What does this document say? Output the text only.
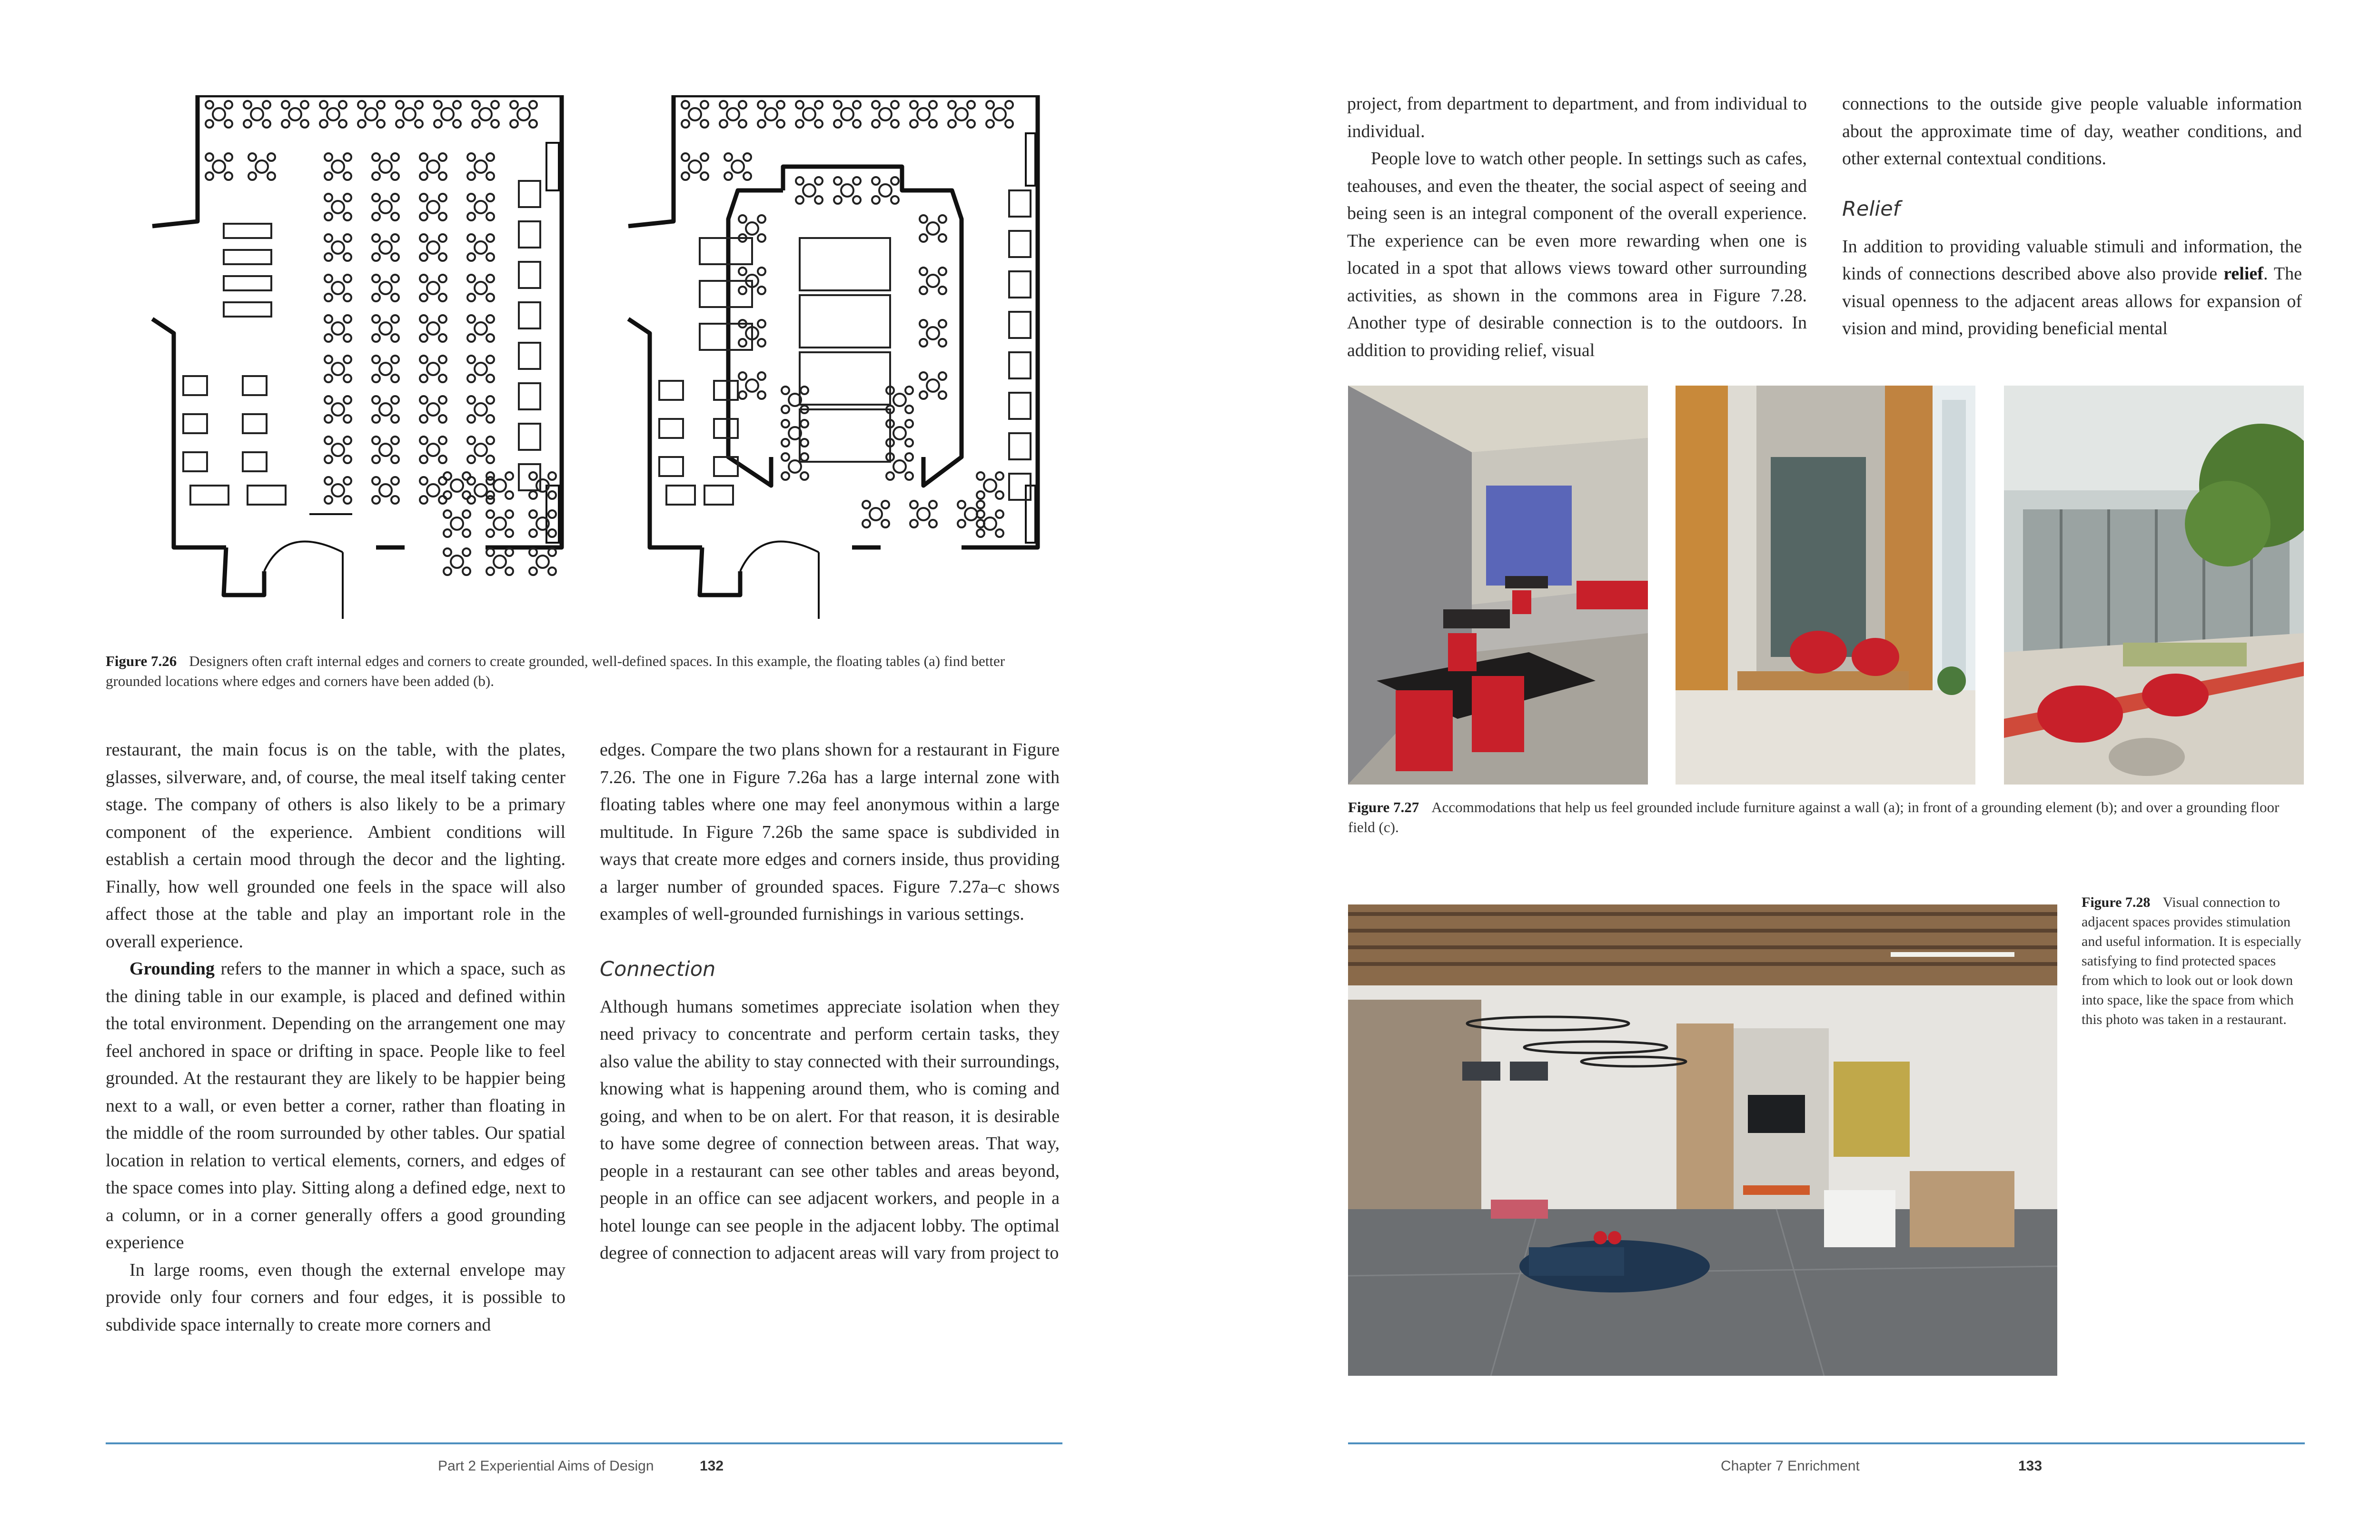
Figure 7.26 Designers often craft internal edges and corners to create grounded, well-defined spaces. In this example, the floating tables (a) find better grounded locations where edges and corners have been added (b).

restaurant, the main focus is on the table, with the plates, glasses, silverware, and, of course, the meal itself taking center stage. The company of others is also likely to be a primary component of the experience. Ambient conditions will establish a certain mood through the decor and the lighting. Finally, how well grounded one feels in the space will also affect those at the table and play an important role in the overall experience.

Grounding refers to the manner in which a space, such as the dining table in our example, is placed and defined within the total environment. Depending on the arrangement one may feel anchored in space or drifting in space. People like to feel grounded. At the restaurant they are likely to be happier being next to a wall, or even better a corner, rather than floating in the middle of the room surrounded by other tables. Our spatial location in relation to vertical elements, corners, and edges of the space comes into play. Sitting along a defined edge, next to a column, or in a corner generally offers a good grounding experience

In large rooms, even though the external envelope may provide only four corners and four edges, it is possible to subdivide space internally to create more corners and

edges. Compare the two plans shown for a restaurant in Figure 7.26. The one in Figure 7.26a has a large internal zone with floating tables where one may feel anonymous within a large multitude. In Figure 7.26b the same space is subdivided in ways that create more edges and corners inside, thus providing a larger number of grounded spaces. Figure 7.27a–c shows examples of well-grounded furnishings in various settings.

Connection

Although humans sometimes appreciate isolation when they need privacy to concentrate and perform certain tasks, they also value the ability to stay connected with their surroundings, knowing what is happening around them, who is coming and going, and when to be on alert. For that reason, it is desirable to have some degree of connection between areas. That way, people in a restaurant can see other tables and areas beyond, people in an office can see adjacent workers, and people in a hotel lounge can see people in the adjacent lobby. The optimal degree of connection to adjacent areas will vary from project to

Part 2 Experiential Aims of Design	132

project, from department to department, and from individual to individual.

People love to watch other people. In settings such as cafes, teahouses, and even the theater, the social aspect of seeing and being seen is an integral component of the overall experience. The experience can be even more rewarding when one is located in a spot that allows views toward other surrounding activities, as shown in the commons area in Figure 7.28. Another type of desirable connection is to the outdoors. In addition to providing relief, visual

connections to the outside give people valuable information about the approximate time of day, weather conditions, and other external contextual conditions.

Relief

In addition to providing valuable stimuli and information, the kinds of connections described above also provide relief. The visual openness to the adjacent areas allows for expansion of vision and mind, providing beneficial mental

Figure 7.27 Accommodations that help us feel grounded include furniture against a wall (a); in front of a grounding element (b); and over a grounding floor field (c).
Figure 7.28 Visual connection to adjacent spaces provides stimulation and useful information. It is especially satisfying to find protected spaces from which to look out or look down into space, like the space from which this photo was taken in a restaurant.
Chapter 7 Enrichment	133
